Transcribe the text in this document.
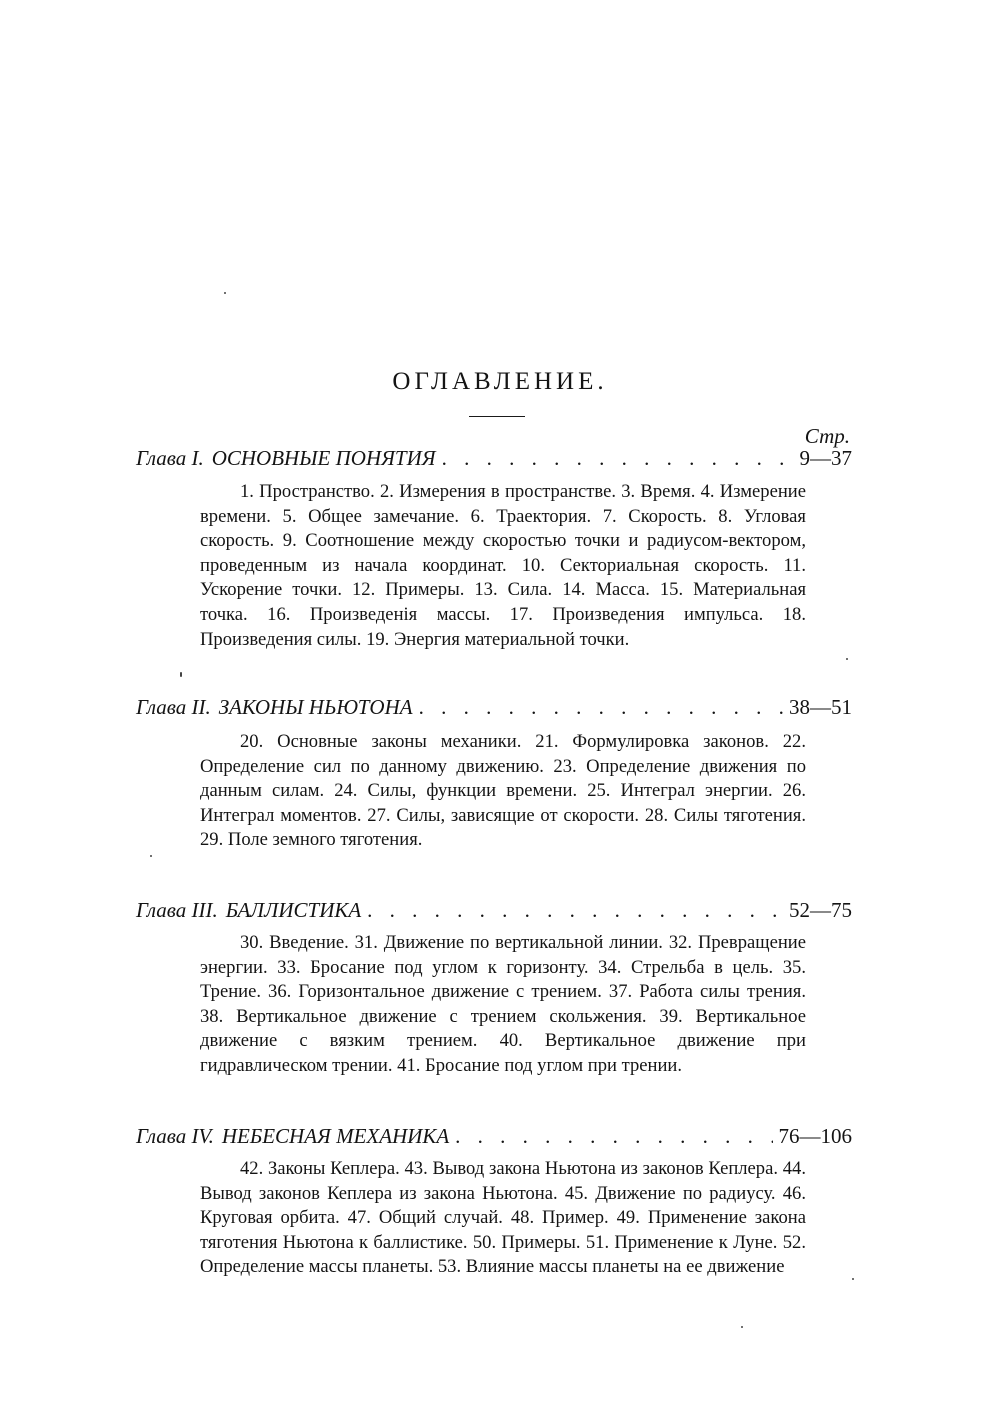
ОГЛАВЛЕНИЕ.
Стр.
Глава I. ОСНОВНЫЕ ПОНЯТИЯ . . .	9—37

1. Пространство. 2. Измерения в пространстве. 3. Время. 4. Измерение времени. 5. Общее замечание. 6. Траектория. 7. Скорость. 8. Угловая скорость. 9. Соотношение между скоростью точки и радиусом-вектором, проведенным из начала координат. 10. Секториальная скорость. 11. Ускорение точки. 12. Примеры. 13. Сила. 14. Масса. 15. Материальная точка. 16. Произведенія массы. 17. Произведения импульса. 18. Произведения силы. 19. Энергия материальной точки.

Глава II. ЗАКОНЫ НЬЮТОНА . . .	38—51

20. Основные законы механики. 21. Формулировка законов. 22. Определение сил по данному движению. 23. Определение движения по данным силам. 24. Силы, функции времени. 25. Интеграл энергии. 26. Интеграл моментов. 27. Силы, зависящие от скорости. 28. Силы тяготения. 29. Поле земного тяготения.

Глава III. БАЛЛИСТИКА . . .	52—75

30. Введение. 31. Движение по вертикальной линии. 32. Превращение энергии. 33. Бросание под углом к горизонту. 34. Стрельба в цель. 35. Трение. 36. Горизонтальное движение с трением. 37. Работа силы трения. 38. Вертикальное движение с трением скольжения. 39. Вертикальное движение с вязким трением. 40. Вертикальное движение при гидравлическом трении. 41. Бросание под углом при трении.

Глава IV. НЕБЕСНАЯ МЕХАНИКА . . .	76—106

42. Законы Кеплера. 43. Вывод закона Ньютона из законов Кеплера. 44. Вывод законов Кеплера из закона Ньютона. 45. Движение по радиусу. 46. Круговая орбита. 47. Общий случай. 48. Пример. 49. Применение закона тяготения Ньютона к баллистике. 50. Примеры. 51. Применение к Луне. 52. Определение массы планеты. 53. Влияние массы планеты на ее движение
